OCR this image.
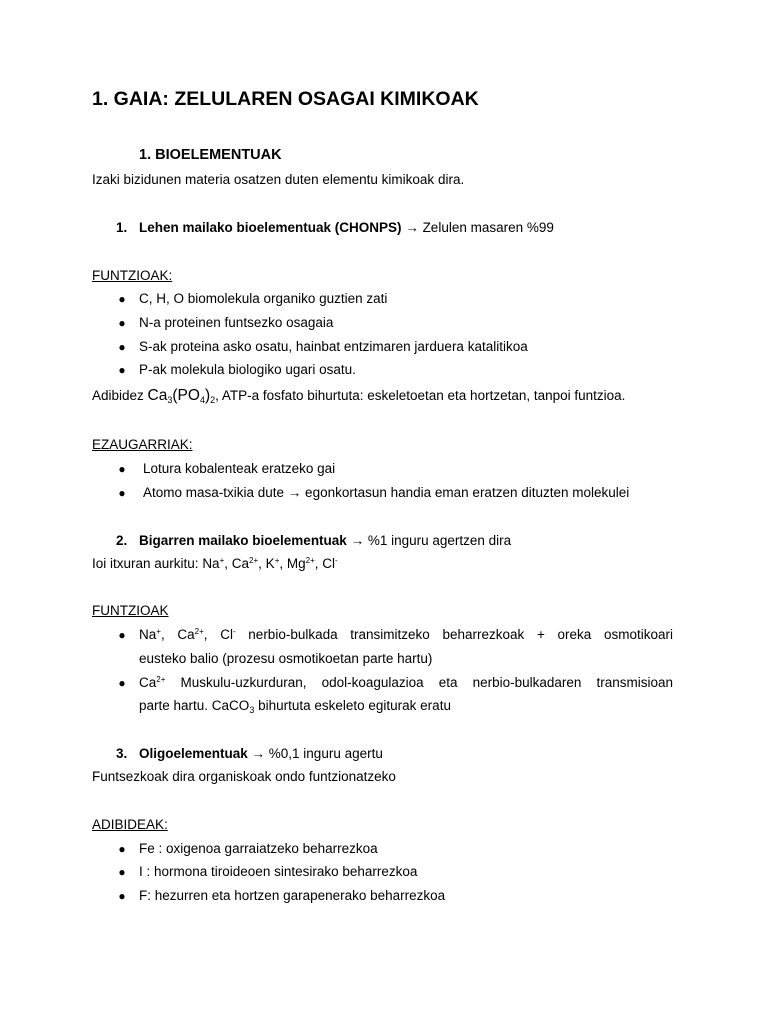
1. GAIA: ZELULAREN OSAGAI KIMIKOAK
1. BIOELEMENTUAK
Izaki bizidunen materia osatzen duten elementu kimikoak dira.
1. Lehen mailako bioelementuak (CHONPS) → Zelulen masaren %99
FUNTZIOAK:
● C, H, O biomolekula organiko guztien zati
● N-a proteinen funtsezko osagaia
● S-ak proteina asko osatu, hainbat entzimaren jarduera katalitikoa
● P-ak molekula biologiko ugari osatu.
Adibidez $Ca_3(PO_4)_2$, ATP-a fosfato bihurtuta: eskeletoetan eta hortzetan, tanpoi funtzioa.
EZAUGARRIAK:
● Lotura kobalenteak eratzeko gai
● Atomo masa-txikia dute → egonkortasun handia eman eratzen dituzten molekulei
2. Bigarren mailako bioelementuak → %1 inguru agertzen dira
Ioi itxuran aurkitu: Na+, $Ca^{2+}$, K+, $Mg^{2+}$, Cl-
FUNTZIOAK
● Na+, $Ca^{2+}$, Cl- nerbio-bulkada transimitzeko beharrezkoak + oreka osmotikoari
eusteko balio (prozesu osmotikoetan parte hartu)
● $Ca^{2+}$ Muskulu-uzkurduran, odol-koagulazioa eta nerbio-bulkadaren transmisioan
parte hartu. CaCO$_3$ bihurtuta eskeleto egiturak eratu
3. Oligoelementuak → %0,1 inguru agertu
Funtsezkoak dira organiskoak ondo funtzionatzeko
ADIBIDEAK:
● Fe : oxigenoa garraiatzeko beharrezkoa
● I : hormona tiroideoen sintesirako beharrezkoa
● F: hezurren eta hortzen garapenerako beharrezkoa
